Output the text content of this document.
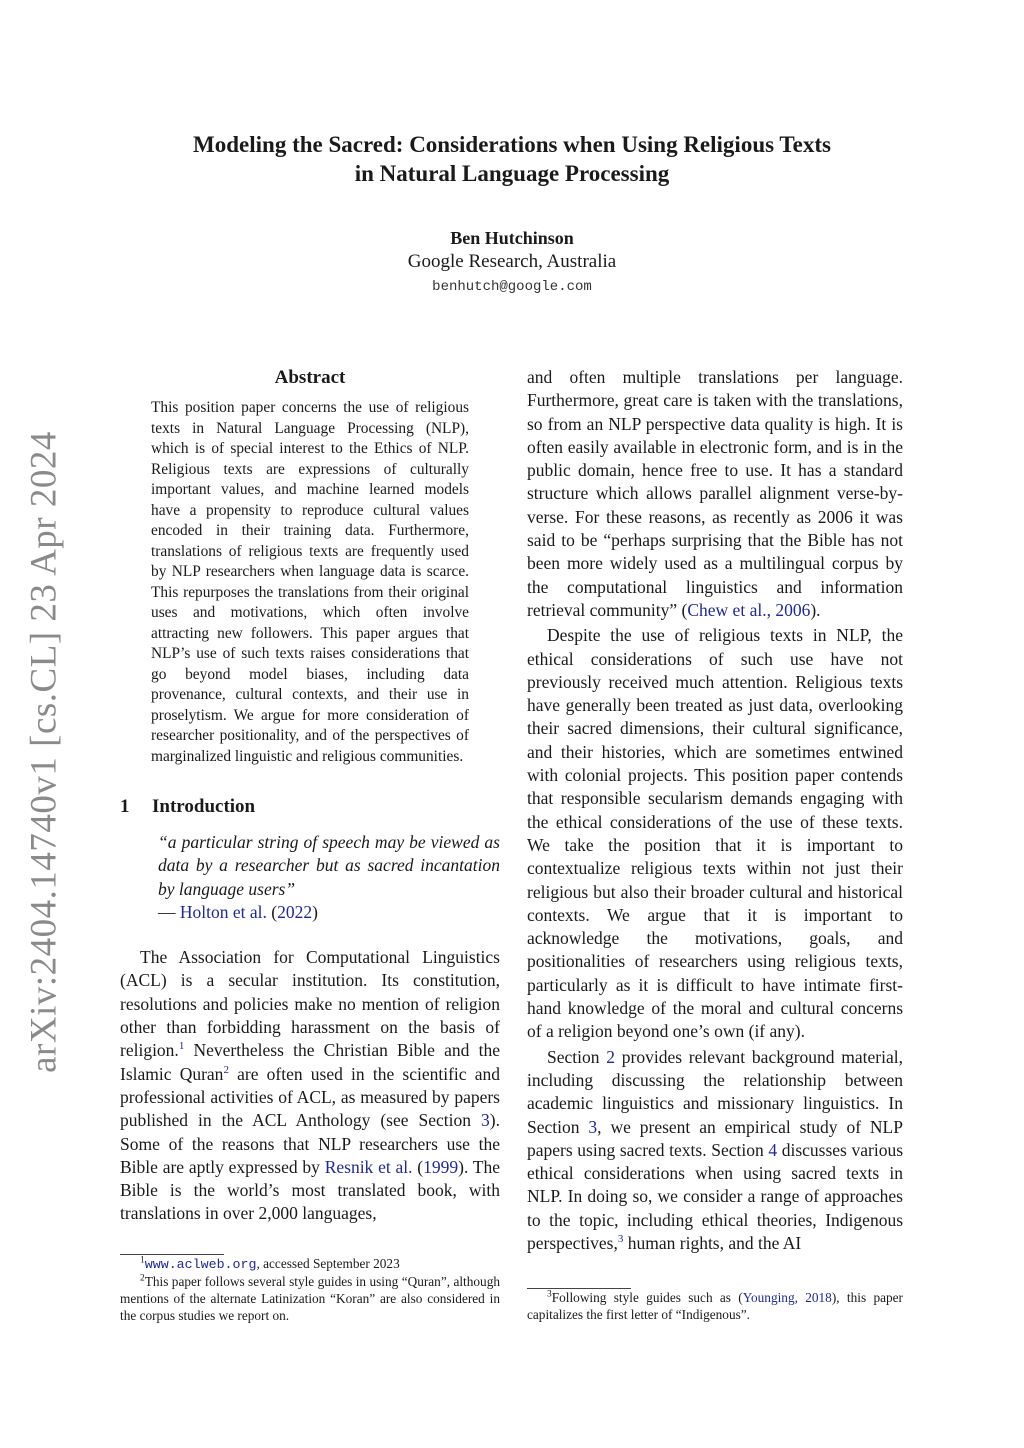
arXiv:2404.14740v1 [cs.CL] 23 Apr 2024
Modeling the Sacred: Considerations when Using Religious Texts
in Natural Language Processing
Ben Hutchinson
Google Research, Australia
benhutch@google.com
Abstract

This position paper concerns the use of religious texts in Natural Language Processing (NLP), which is of special interest to the Ethics of NLP. Religious texts are expressions of culturally important values, and machine learned models have a propensity to reproduce cultural values encoded in their training data. Furthermore, translations of religious texts are frequently used by NLP researchers when language data is scarce. This repurposes the translations from their original uses and motivations, which often involve attracting new followers. This paper argues that NLP’s use of such texts raises considerations that go beyond model biases, including data provenance, cultural contexts, and their use in proselytism. We argue for more consideration of researcher positionality, and of the perspectives of marginalized linguistic and religious communities.

1 Introduction
“a particular string of speech may be viewed as data by a researcher but as sacred incantation by language users”
— Holton et al. (2022)

The Association for Computational Linguistics (ACL) is a secular institution. Its constitution, resolutions and policies make no mention of religion other than forbidding harassment on the basis of religion.$^1$ Nevertheless the Christian Bible and the Islamic Quran$^2$ are often used in the scientific and professional activities of ACL, as measured by papers published in the ACL Anthology (see Section 3). Some of the reasons that NLP researchers use the Bible are aptly expressed by Resnik et al. (1999). The Bible is the world’s most translated book, with translations in over 2,000 languages,

$^1$www.aclweb.org, accessed September 2023

$^2$This paper follows several style guides in using “Quran”, although mentions of the alternate Latinization “Koran” are also considered in the corpus studies we report on.

and often multiple translations per language. Furthermore, great care is taken with the translations, so from an NLP perspective data quality is high. It is often easily available in electronic form, and is in the public domain, hence free to use. It has a standard structure which allows parallel alignment verse-by-verse. For these reasons, as recently as 2006 it was said to be “perhaps surprising that the Bible has not been more widely used as a multilingual corpus by the computational linguistics and information retrieval community” (Chew et al., 2006).

Despite the use of religious texts in NLP, the ethical considerations of such use have not previously received much attention. Religious texts have generally been treated as just data, overlooking their sacred dimensions, their cultural significance, and their histories, which are sometimes entwined with colonial projects. This position paper contends that responsible secularism demands engaging with the ethical considerations of the use of these texts. We take the position that it is important to contextualize religious texts within not just their religious but also their broader cultural and historical contexts. We argue that it is important to acknowledge the motivations, goals, and positionalities of researchers using religious texts, particularly as it is difficult to have intimate first-hand knowledge of the moral and cultural concerns of a religion beyond one’s own (if any).

Section 2 provides relevant background material, including discussing the relationship between academic linguistics and missionary linguistics. In Section 3, we present an empirical study of NLP papers using sacred texts. Section 4 discusses various ethical considerations when using sacred texts in NLP. In doing so, we consider a range of approaches to the topic, including ethical theories, Indigenous perspectives,$^3$ human rights, and the AI

$^3$Following style guides such as (Younging, 2018), this paper capitalizes the first letter of “Indigenous”.
